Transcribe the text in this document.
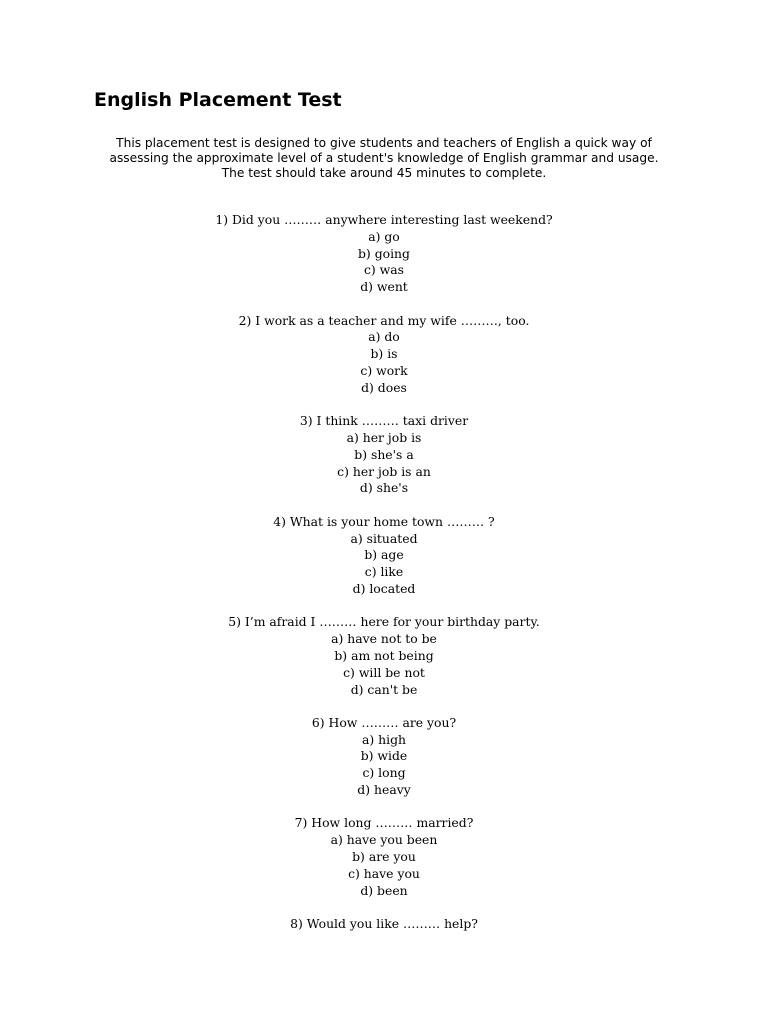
English Placement Test
This placement test is designed to give students and teachers of English a quick way of
assessing the approximate level of a student's knowledge of English grammar and usage.
The test should take around 45 minutes to complete.
1) Did you ……… anywhere interesting last weekend?
a) go
b) going
c) was
d) went
2) I work as a teacher and my wife ………, too.
a) do
b) is
c) work
d) does
3) I think ……… taxi driver
a) her job is
b) she's a
c) her job is an
d) she's
4) What is your home town ……… ?
a) situated
b) age
c) like
d) located
5) I’m afraid I ……… here for your birthday party.
a) have not to be
b) am not being
c) will be not
d) can't be
6) How ……… are you?
a) high
b) wide
c) long
d) heavy
7) How long ……… married?
a) have you been
b) are you
c) have you
d) been
8) Would you like ……… help?
